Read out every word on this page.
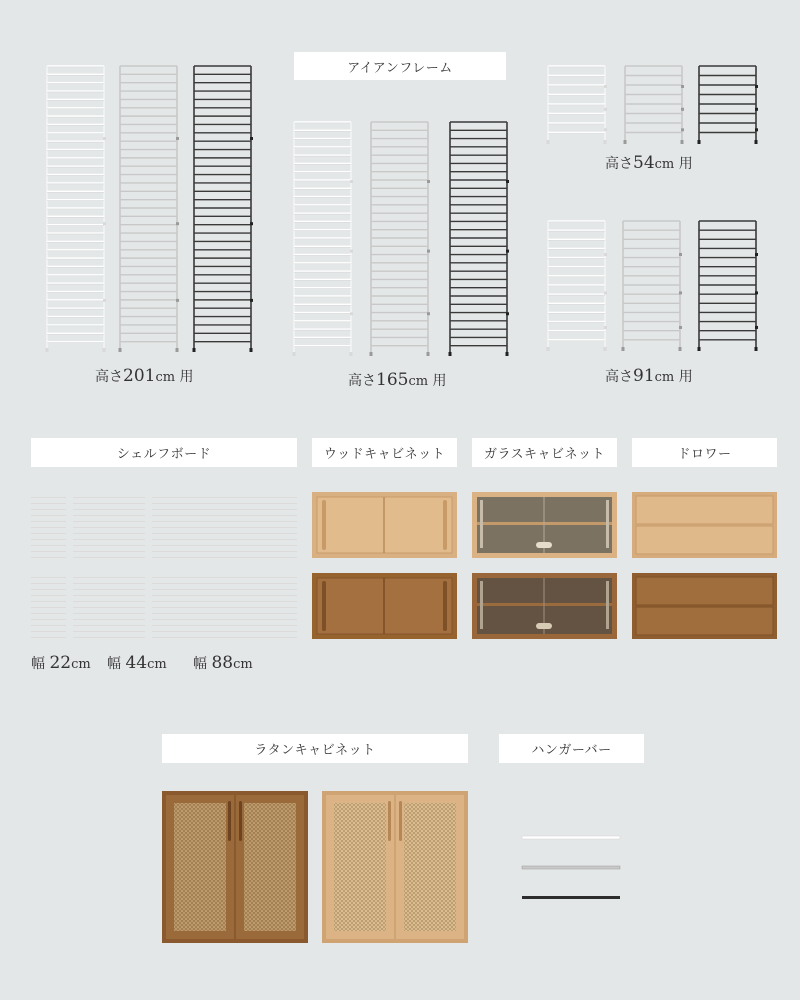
アイアンフレーム
高さ201cm 用	高さ165cm 用
高さ54cm 用
高さ91cm 用
シェルフボード	ウッドキャビネット	ガラスキャビネット	ドロワー
幅 22cm 幅 44cm 幅 88cm
ラタンキャビネット	ハンガーバー
